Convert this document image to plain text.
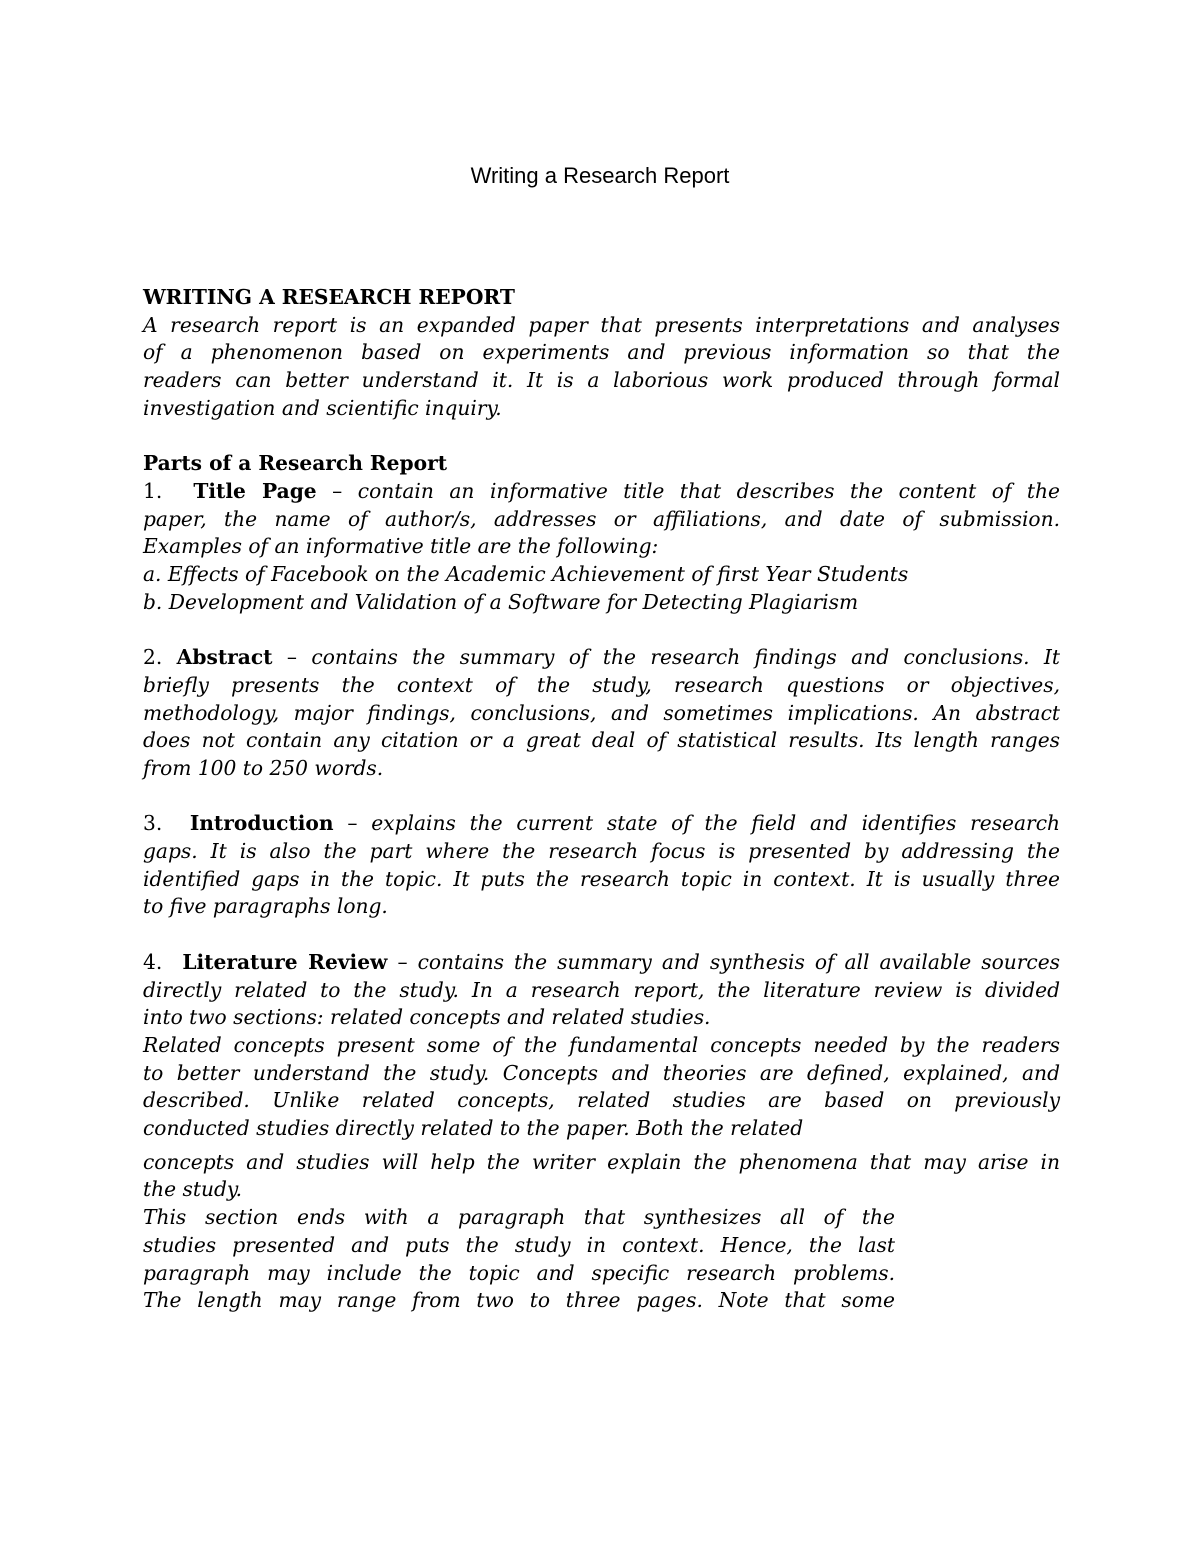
Writing a Research Report

WRITING A RESEARCH REPORT

A research report is an expanded paper that presents interpretations and analyses

of a phenomenon based on experiments and previous information so that the

readers can better understand it. It is a laborious work produced through formal

investigation and scientific inquiry.

Parts of a Research Report

1. Title Page – contain an informative title that describes the content of the

paper, the name of author/s, addresses or affiliations, and date of submission.

Examples of an informative title are the following:

a. Effects of Facebook on the Academic Achievement of first Year Students

b. Development and Validation of a Software for Detecting Plagiarism

2. Abstract – contains the summary of the research findings and conclusions. It

briefly presents the context of the study, research questions or objectives,

methodology, major findings, conclusions, and sometimes implications. An abstract

does not contain any citation or a great deal of statistical results. Its length ranges

from 100 to 250 words.

3. Introduction – explains the current state of the field and identifies research

gaps. It is also the part where the research focus is presented by addressing the

identified gaps in the topic. It puts the research topic in context. It is usually three

to five paragraphs long.

4. Literature Review – contains the summary and synthesis of all available sources

directly related to the study. In a research report, the literature review is divided

into two sections: related concepts and related studies.

Related concepts present some of the fundamental concepts needed by the readers

to better understand the study. Concepts and theories are defined, explained, and

described. Unlike related concepts, related studies are based on previously

conducted studies directly related to the paper. Both the related

concepts and studies will help the writer explain the phenomena that may arise in

the study.

This section ends with a paragraph that synthesizes all of the

studies presented and puts the study in context. Hence, the last

paragraph may include the topic and specific research problems.

The length may range from two to three pages. Note that some
